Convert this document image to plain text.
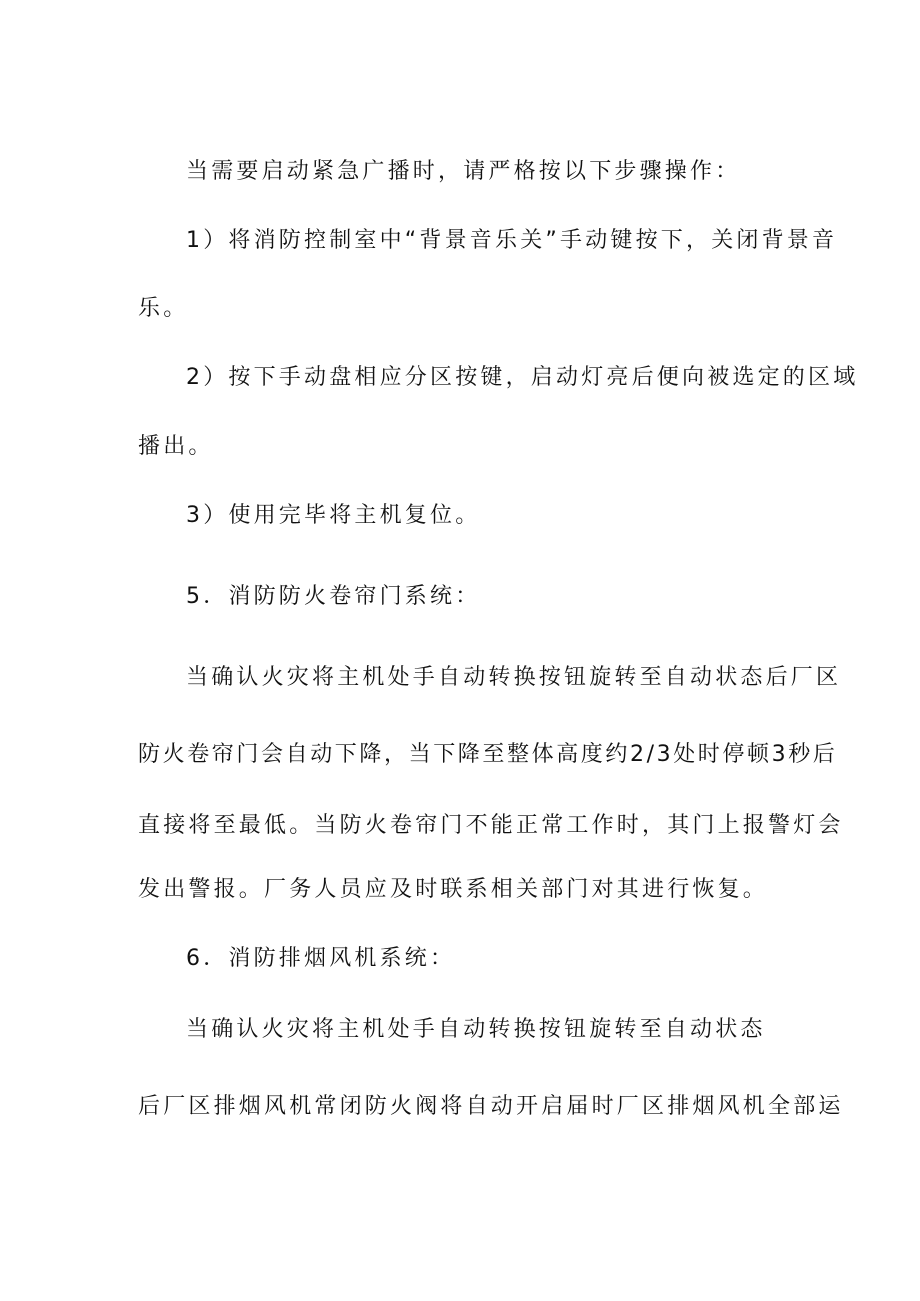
当需要启动紧急广播时，请严格按以下步骤操作：
1）将消防控制室中“背景音乐关”手动键按下，关闭背景音
乐。
2）按下手动盘相应分区按键，启动灯亮后便向被选定的区域
播出。
3）使用完毕将主机复位。
5．消防防火卷帘门系统：
当确认火灾将主机处手自动转换按钮旋转至自动状态后厂区
防火卷帘门会自动下降，当下降至整体高度约2/3处时停顿3秒后
直接将至最低。当防火卷帘门不能正常工作时，其门上报警灯会
发出警报。厂务人员应及时联系相关部门对其进行恢复。
6．消防排烟风机系统：
当确认火灾将主机处手自动转换按钮旋转至自动状态
后厂区排烟风机常闭防火阀将自动开启届时厂区排烟风机全部运
